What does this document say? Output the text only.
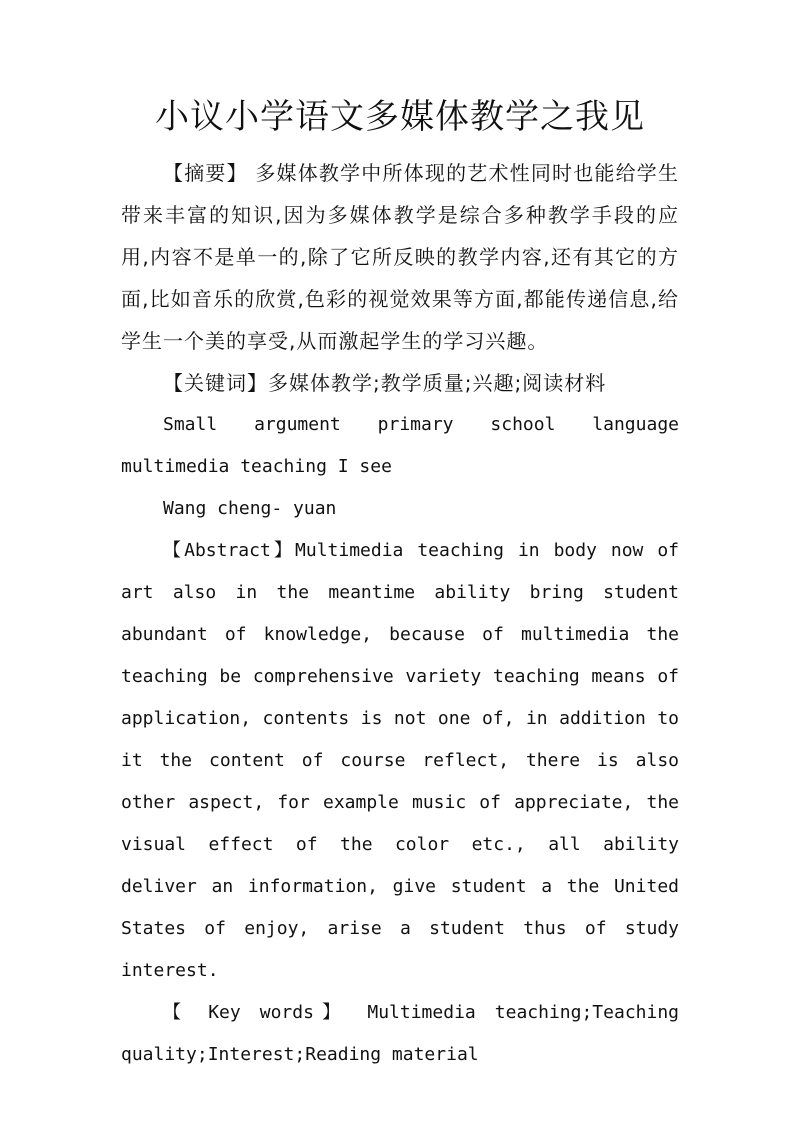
小议小学语文多媒体教学之我见

【摘要】 多媒体教学中所体现的艺术性同时也能给学生带来丰富的知识,因为多媒体教学是综合多种教学手段的应用,内容不是单一的,除了它所反映的教学内容,还有其它的方面,比如音乐的欣赏,色彩的视觉效果等方面,都能传递信息,给学生一个美的享受,从而激起学生的学习兴趣。

【关键词】多媒体教学;教学质量;兴趣;阅读材料

Small argument primary school language multimedia teaching I see

Wang cheng- yuan

【Abstract】Multimedia teaching in body now of art also in the meantime ability bring student abundant of knowledge, because of multimedia the teaching be comprehensive variety teaching means of application, contents is not one of, in addition to it the content of course reflect, there is also other aspect, for example music of appreciate, the visual effect of the color etc., all ability deliver an information, give student a the United States of enjoy, arise a student thus of study interest.

【 Key words】 Multimedia teaching;Teaching quality;Interest;Reading material
